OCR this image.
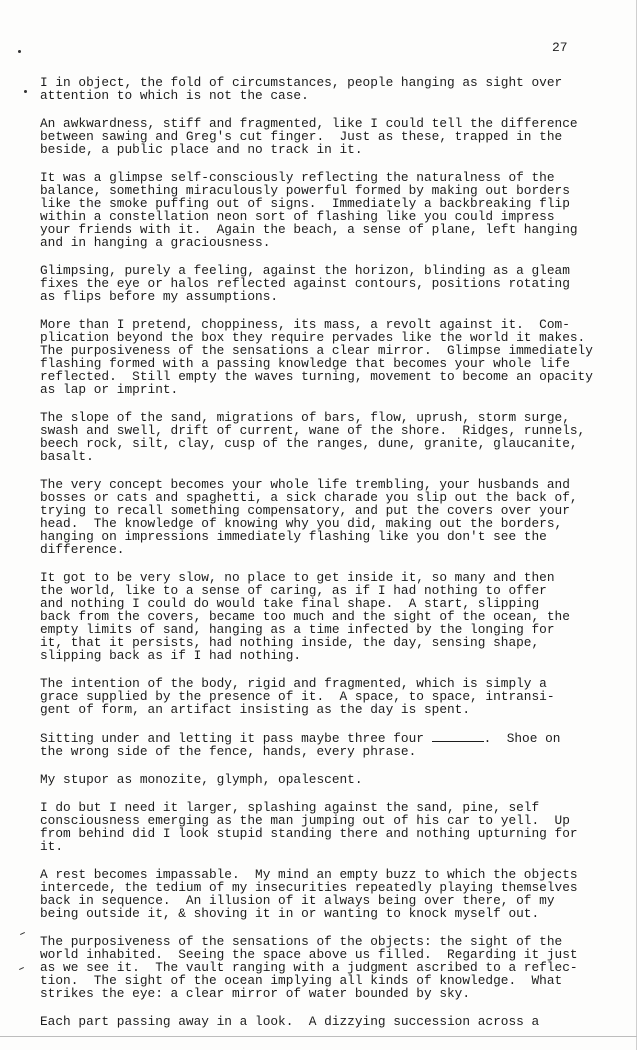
27
I in object, the fold of circumstances, people hanging as sight over
attention to which is not the case.
An awkwardness, stiff and fragmented, like I could tell the difference
between sawing and Greg's cut finger.  Just as these, trapped in the
beside, a public place and no track in it.
It was a glimpse self-consciously reflecting the naturalness of the
balance, something miraculously powerful formed by making out borders
like the smoke puffing out of signs.  Immediately a backbreaking flip
within a constellation neon sort of flashing like you could impress
your friends with it.  Again the beach, a sense of plane, left hanging
and in hanging a graciousness.
Glimpsing, purely a feeling, against the horizon, blinding as a gleam
fixes the eye or halos reflected against contours, positions rotating
as flips before my assumptions.
More than I pretend, choppiness, its mass, a revolt against it.  Com-
plication beyond the box they require pervades like the world it makes.
The purposiveness of the sensations a clear mirror.  Glimpse immediately
flashing formed with a passing knowledge that becomes your whole life
reflected.  Still empty the waves turning, movement to become an opacity
as lap or imprint.
The slope of the sand, migrations of bars, flow, uprush, storm surge,
swash and swell, drift of current, wane of the shore.  Ridges, runnels,
beech rock, silt, clay, cusp of the ranges, dune, granite, glaucanite,
basalt.
The very concept becomes your whole life trembling, your husbands and
bosses or cats and spaghetti, a sick charade you slip out the back of,
trying to recall something compensatory, and put the covers over your
head.  The knowledge of knowing why you did, making out the borders,
hanging on impressions immediately flashing like you don't see the
difference.
It got to be very slow, no place to get inside it, so many and then
the world, like to a sense of caring, as if I had nothing to offer
and nothing I could do would take final shape.  A start, slipping
back from the covers, became too much and the sight of the ocean, the
empty limits of sand, hanging as a time infected by the longing for
it, that it persists, had nothing inside, the day, sensing shape,
slipping back as if I had nothing.
The intention of the body, rigid and fragmented, which is simply a
grace supplied by the presence of it.  A space, to space, intransi-
gent of form, an artifact insisting as the day is spent.
Sitting under and letting it pass maybe three four	.  Shoe on
the wrong side of the fence, hands, every phrase.
My stupor as monozite, glymph, opalescent.
I do but I need it larger, splashing against the sand, pine, self
consciousness emerging as the man jumping out of his car to yell.  Up
from behind did I look stupid standing there and nothing upturning for
it.
A rest becomes impassable.  My mind an empty buzz to which the objects
intercede, the tedium of my insecurities repeatedly playing themselves
back in sequence.  An illusion of it always being over there, of my
being outside it, & shoving it in or wanting to knock myself out.
The purposiveness of the sensations of the objects: the sight of the
world inhabited.  Seeing the space above us filled.  Regarding it just
as we see it.  The vault ranging with a judgment ascribed to a reflec-
tion.  The sight of the ocean implying all kinds of knowledge.  What
strikes the eye: a clear mirror of water bounded by sky.
Each part passing away in a look.  A dizzying succession across a
